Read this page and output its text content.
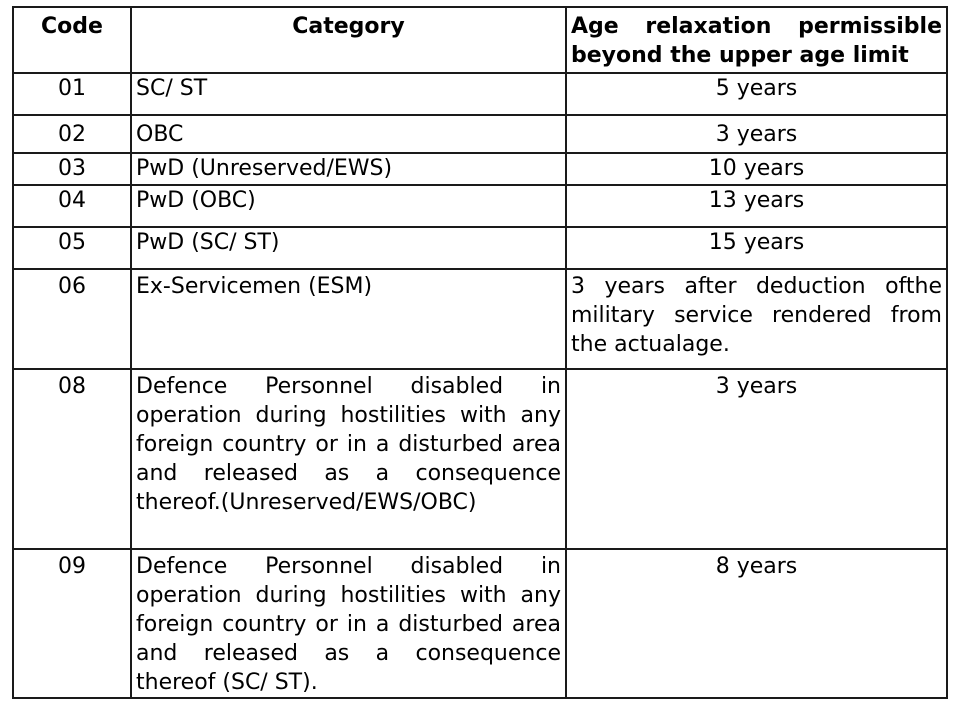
Code	Category	Age relaxation permissible
beyond the upper age limit

01	SC/ ST	5 years
02	OBC	3 years
03	PwD (Unreserved/EWS)	10 years
04	PwD (OBC)	13 years
05	PwD (SC/ ST)	15 years
06	Ex-Servicemen (ESM)	3 years after deduction ofthe military service rendered from the actualage.
08	Defence Personnel disabled in operation during hostilities with any foreign country or in a disturbed area and released as a consequence thereof.(Unreserved/EWS/OBC)	3 years
09	Defence Personnel disabled in operation during hostilities with any foreign country or in a disturbed area and released as a consequence thereof (SC/ ST).	8 years
